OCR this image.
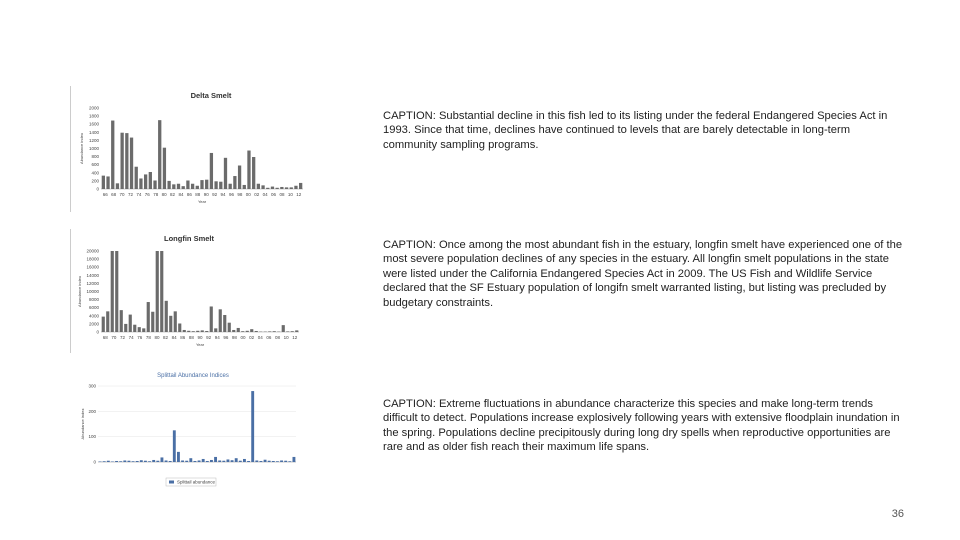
Delta Smelt
0
200
400
600
800
1000
1200
1400
1600
1800
2000
66 68 70 72 74 76 78 80 82 84 86 88 90 92 94 96 98 00 02 04 06 08 10 12
Year
Abundance index
Longfin Smelt
0
2000
4000
6000
8000
10000
12000
14000
16000
18000
20000
68 70 72 74 76 78 80 82 84 86 88 90 92 94 96 98 00 02 04 06 08 10 12
Year
Abundance index
Splittail Abundance Indices
0
100
200
300
Abundance index
Splittail abundance
CAPTION: Substantial decline in this fish led to its listing under the federal Endangered Species Act in 1993. Since that time, declines have continued to levels that are barely detectable in long-term community sampling programs.
CAPTION: Once among the most abundant fish in the estuary, longfin smelt have experienced one of the most severe population declines of any species in the estuary. All longfin smelt populations in the state were listed under the California Endangered Species Act in 2009. The US Fish and Wildlife Service declared that the SF Estuary population of longifn smelt warranted listing, but listing was precluded by budgetary constraints.
CAPTION: Extreme fluctuations in abundance characterize this species and make long-term trends difficult to detect. Populations increase explosively following years with extensive floodplain inundation in the spring. Populations decline precipitously during long dry spells when reproductive opportunities are rare and as older fish reach their maximum life spans.
36
